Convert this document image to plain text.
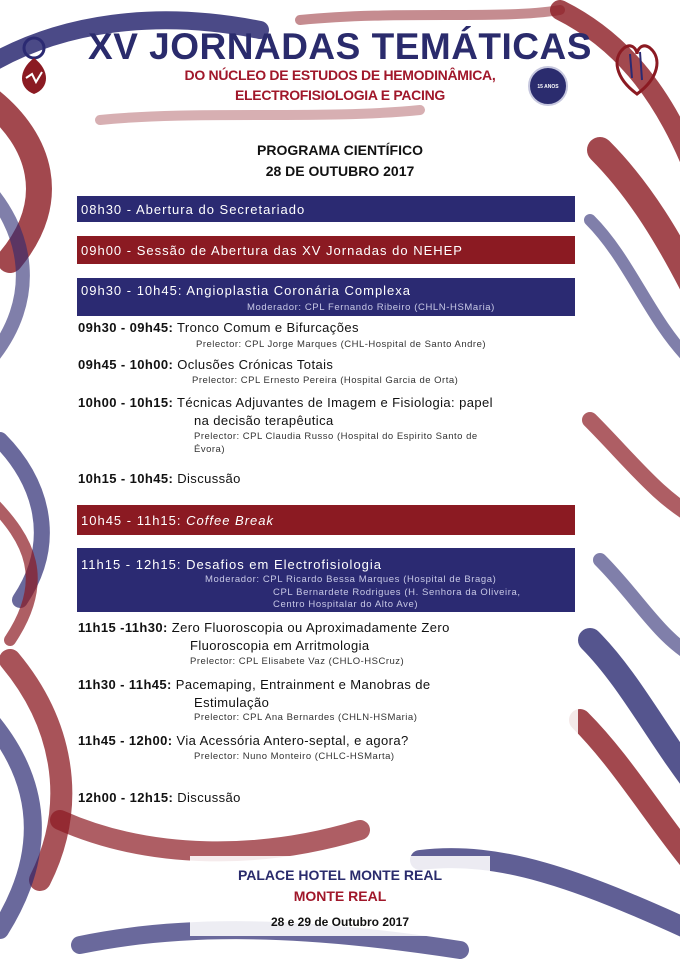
15 ANOS
XV JORNADAS TEMÁTICAS
DO NÚCLEO DE ESTUDOS DE HEMODINÂMICA,
ELECTROFISIOLOGIA E PACING
PROGRAMA CIENTÍFICO
28 DE OUTUBRO 2017
08h30 - Abertura do Secretariado
09h00 - Sessão de Abertura das XV Jornadas do NEHEP
09h30 - 10h45: Angioplastia Coronária Complexa
Moderador: CPL Fernando Ribeiro (CHLN-HSMaria)
09h30 - 09h45: Tronco Comum e Bifurcações
Prelector: CPL Jorge Marques (CHL-Hospital de Santo Andre)
09h45 - 10h00: Oclusões Crónicas Totais
Prelector: CPL Ernesto Pereira (Hospital Garcia de Orta)
10h00 - 10h15: Técnicas Adjuvantes de Imagem e Fisiologia: papel
na decisão terapêutica
Prelector: CPL Claudia Russo (Hospital do Espirito Santo de
Évora)
10h15 - 10h45: Discussão
10h45 - 11h15: Coffee Break
11h15 - 12h15: Desafios em Electrofisiologia
Moderador: CPL Ricardo Bessa Marques (Hospital de Braga)
CPL Bernardete Rodrigues (H. Senhora da Oliveira,
Centro Hospitalar do Alto Ave)
11h15 -11h30: Zero Fluoroscopia ou Aproximadamente Zero
Fluoroscopia em Arritmologia
Prelector: CPL Elisabete Vaz (CHLO-HSCruz)
11h30 - 11h45: Pacemaping, Entrainment e Manobras de
Estimulação
Prelector: CPL Ana Bernardes (CHLN-HSMaria)
11h45 - 12h00: Via Acessória Antero-septal, e agora?
Prelector: Nuno Monteiro (CHLC-HSMarta)
12h00 - 12h15: Discussão
PALACE HOTEL MONTE REAL
MONTE REAL
28 e 29 de Outubro 2017
